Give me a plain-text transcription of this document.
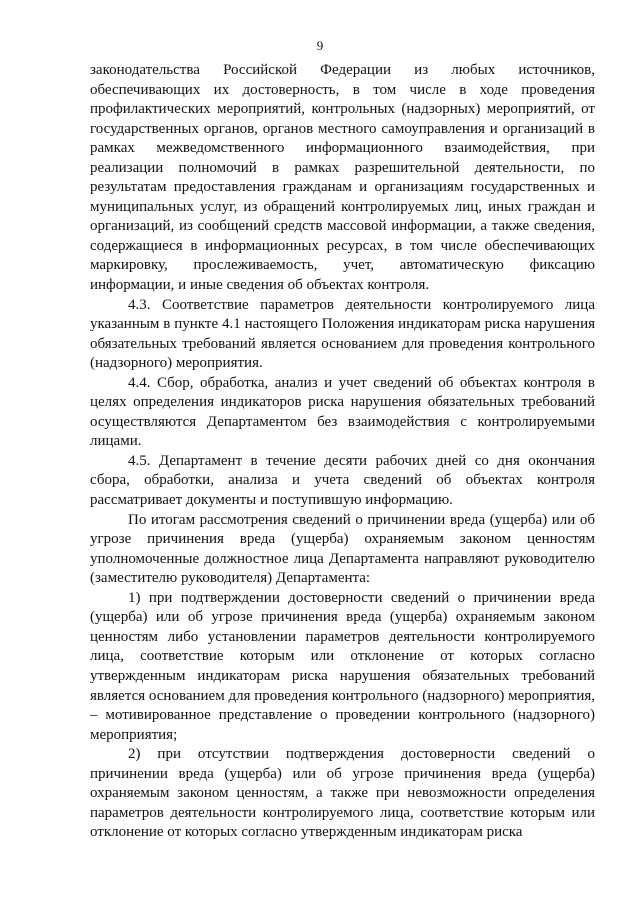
9

законодательства Российской Федерации из любых источников, обеспечивающих их достоверность, в том числе в ходе проведения профилактических мероприятий, контрольных (надзорных) мероприятий, от государственных органов, органов местного самоуправления и организаций в рамках межведомственного информационного взаимодействия, при реализации полномочий в рамках разрешительной деятельности, по результатам предоставления гражданам и организациям государственных и муниципальных услуг, из обращений контролируемых лиц, иных граждан и организаций, из сообщений средств массовой информации, а также сведения, содержащиеся в информационных ресурсах, в том числе обеспечивающих маркировку, прослеживаемость, учет, автоматическую фиксацию информации, и иные сведения об объектах контроля.

4.3. Соответствие параметров деятельности контролируемого лица указанным в пункте 4.1 настоящего Положения индикаторам риска нарушения обязательных требований является основанием для проведения контрольного (надзорного) мероприятия.

4.4. Сбор, обработка, анализ и учет сведений об объектах контроля в целях определения индикаторов риска нарушения обязательных требований осуществляются Департаментом без взаимодействия с контролируемыми лицами.

4.5. Департамент в течение десяти рабочих дней со дня окончания сбора, обработки, анализа и учета сведений об объектах контроля рассматривает документы и поступившую информацию.

По итогам рассмотрения сведений о причинении вреда (ущерба) или об угрозе причинения вреда (ущерба) охраняемым законом ценностям уполномоченные должностное лица Департамента направляют руководителю (заместителю руководителя) Департамента:

1) при подтверждении достоверности сведений о причинении вреда (ущерба) или об угрозе причинения вреда (ущерба) охраняемым законом ценностям либо установлении параметров деятельности контролируемого лица, соответствие которым или отклонение от которых согласно утвержденным индикаторам риска нарушения обязательных требований является основанием для проведения контрольного (надзорного) мероприятия, – мотивированное представление о проведении контрольного (надзорного) мероприятия;

2) при отсутствии подтверждения достоверности сведений о причинении вреда (ущерба) или об угрозе причинения вреда (ущерба) охраняемым законом ценностям, а также при невозможности определения параметров деятельности контролируемого лица, соответствие которым или отклонение от которых согласно утвержденным индикаторам риска
